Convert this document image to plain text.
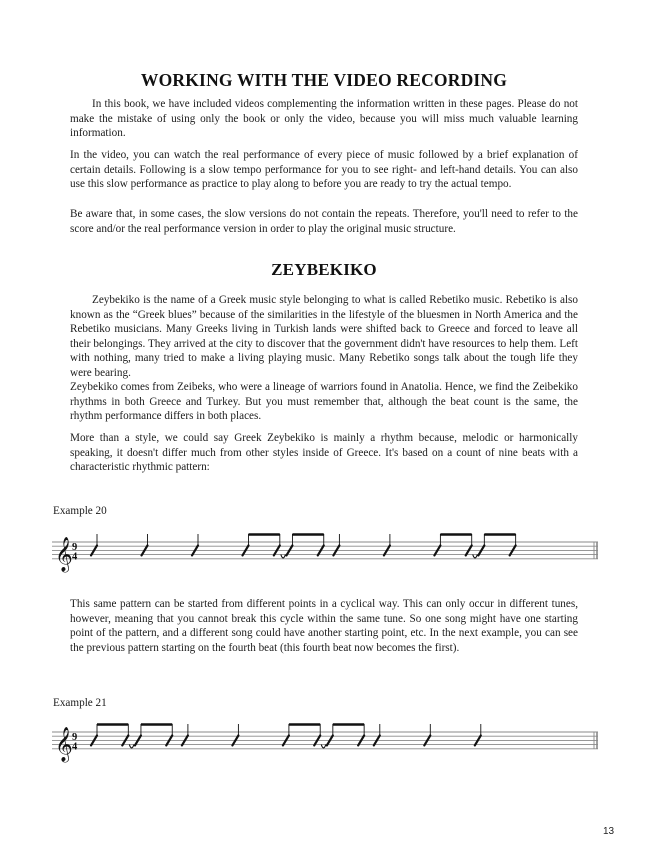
WORKING WITH THE VIDEO RECORDING

In this book, we have included videos complementing the information written in these pages. Please do not make the mistake of using only the book or only the video, because you will miss much valuable learning information.

In the video, you can watch the real performance of every piece of music followed by a brief explanation of certain details. Following is a slow tempo performance for you to see right- and left-hand details. You can also use this slow performance as practice to play along to before you are ready to try the actual tempo.

Be aware that, in some cases, the slow versions do not contain the repeats. Therefore, you'll need to refer to the score and/or the real performance version in order to play the original music structure.

ZEYBEKIKO

Zeybekiko is the name of a Greek music style belonging to what is called Rebetiko music. Rebetiko is also known as the “Greek blues” because of the similarities in the lifestyle of the bluesmen in North America and the Rebetiko musicians. Many Greeks living in Turkish lands were shifted back to Greece and forced to leave all their belongings. They arrived at the city to discover that the government didn't have resources to help them. Left with nothing, many tried to make a living playing music. Many Rebetiko songs talk about the tough life they were bearing.

Zeybekiko comes from Zeibeks, who were a lineage of warriors found in Anatolia. Hence, we find the Zeibekiko rhythms in both Greece and Turkey. But you must remember that, although the beat count is the same, the rhythm performance differs in both places.

More than a style, we could say Greek Zeybekiko is mainly a rhythm because, melodic or harmonically speaking, it doesn't differ much from other styles inside of Greece. It's based on a count of nine beats with a characteristic rhythmic pattern:

Example 20
𝄞 9
4

This same pattern can be started from different points in a cyclical way. This can only occur in different tunes, however, meaning that you cannot break this cycle within the same tune. So one song might have one starting point of the pattern, and a different song could have another starting point, etc. In the next example, you can see the previous pattern starting on the fourth beat (this fourth beat now becomes the first).

Example 21
𝄞 9
4
13
